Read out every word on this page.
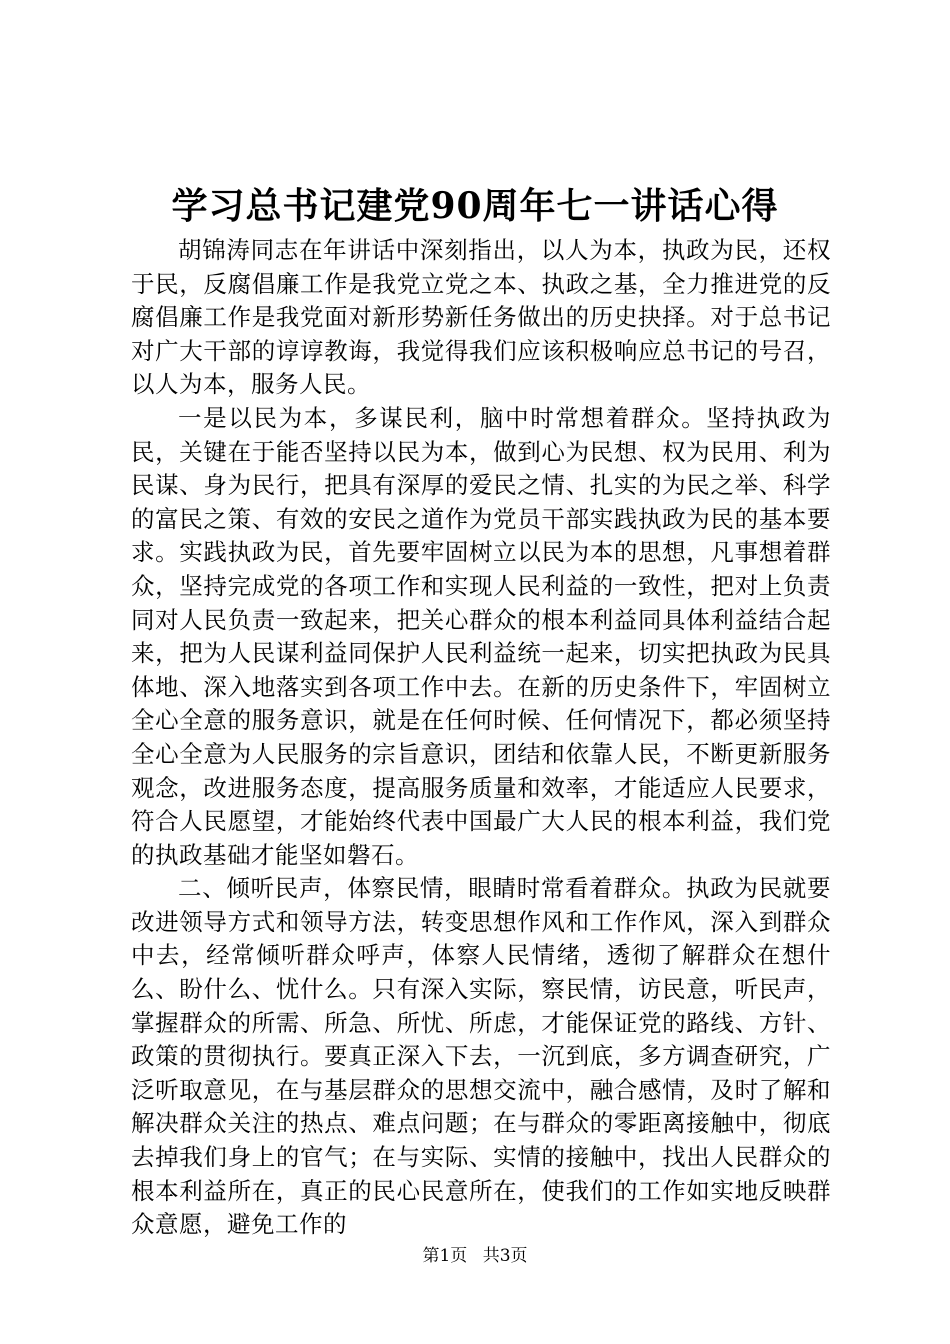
学习总书记建党90周年七一讲话心得

胡锦涛同志在年讲话中深刻指出，以人为本，执政为民，还权于民，反腐倡廉工作是我党立党之本、执政之基，全力推进党的反腐倡廉工作是我党面对新形势新任务做出的历史抉择。对于总书记对广大干部的谆谆教诲，我觉得我们应该积极响应总书记的号召，以人为本，服务人民。

一是以民为本，多谋民利，脑中时常想着群众。坚持执政为民，关键在于能否坚持以民为本，做到心为民想、权为民用、利为民谋、身为民行，把具有深厚的爱民之情、扎实的为民之举、科学的富民之策、有效的安民之道作为党员干部实践执政为民的基本要求。实践执政为民，首先要牢固树立以民为本的思想，凡事想着群众，坚持完成党的各项工作和实现人民利益的一致性，把对上负责同对人民负责一致起来，把关心群众的根本利益同具体利益结合起来，把为人民谋利益同保护人民利益统一起来，切实把执政为民具体地、深入地落实到各项工作中去。在新的历史条件下，牢固树立全心全意的服务意识，就是在任何时候、任何情况下，都必须坚持全心全意为人民服务的宗旨意识，团结和依靠人民，不断更新服务观念，改进服务态度，提高服务质量和效率，才能适应人民要求，符合人民愿望，才能始终代表中国最广大人民的根本利益，我们党的执政基础才能坚如磐石。

二、倾听民声，体察民情，眼睛时常看着群众。执政为民就要改进领导方式和领导方法，转变思想作风和工作作风，深入到群众中去，经常倾听群众呼声，体察人民情绪，透彻了解群众在想什么、盼什么、忧什么。只有深入实际，察民情，访民意，听民声，掌握群众的所需、所急、所忧、所虑，才能保证党的路线、方针、政策的贯彻执行。要真正深入下去，一沉到底，多方调查研究，广泛听取意见，在与基层群众的思想交流中，融合感情，及时了解和解决群众关注的热点、难点问题；在与群众的零距离接触中，彻底去掉我们身上的官气；在与实际、实情的接触中，找出人民群众的根本利益所在，真正的民心民意所在，使我们的工作如实地反映群众意愿，避免工作的

第1页 共3页
